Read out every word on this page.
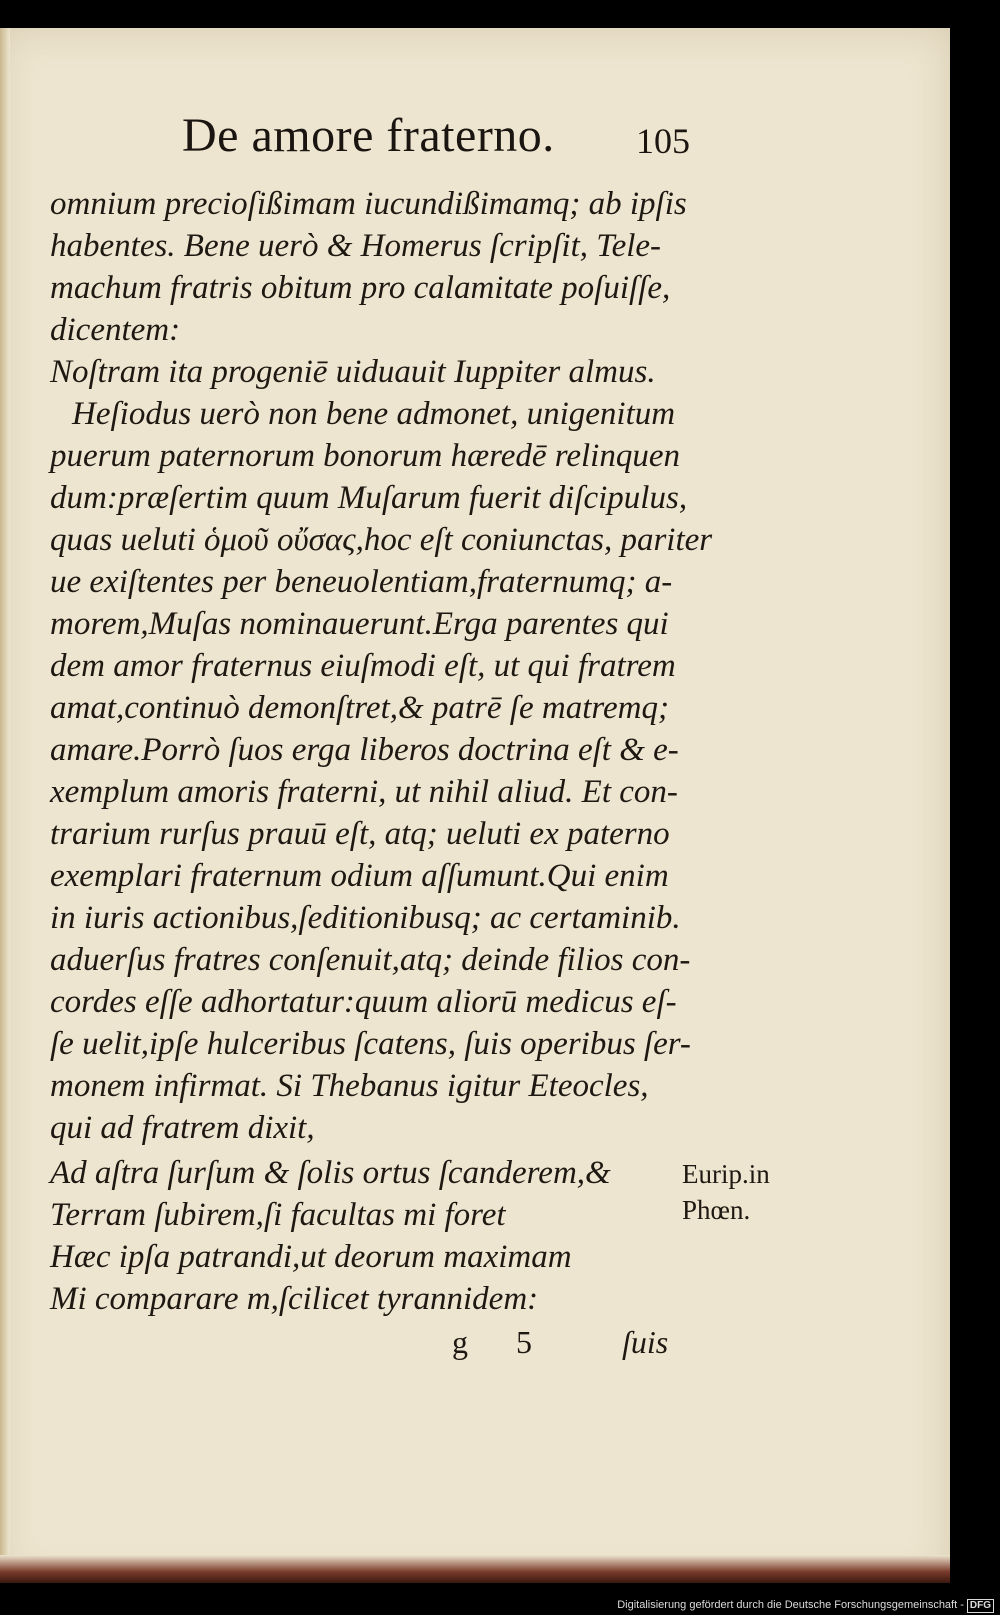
De amore fraterno. 105
omnium precioſißimam iucundißimamq; ab ipſis
habentes. Bene uerò & Homerus ſcripſit, Tele-
machum fratris obitum pro calamitate poſuiſſe,
dicentem:
Noſtram ita progeniē uiduauit Iuppiter almus.
Heſiodus uerò non bene admonet, unigenitum
puerum paternorum bonorum hæredē relinquen
dum:præſertim quum Muſarum fuerit diſcipulus,
quas ueluti ὁμοῦ οὔσας,hoc eſt coniunctas, pariter
ue exiſtentes per beneuolentiam,fraternumq; a-
morem,Muſas nominauerunt.Erga parentes qui
dem amor fraternus eiuſmodi eſt, ut qui fratrem
amat,continuò demonſtret,& patrē ſe matremq;
amare.Porrò ſuos erga liberos doctrina eſt & e-
xemplum amoris fraterni, ut nihil aliud. Et con-
trarium rurſus prauū eſt, atq; ueluti ex paterno
exemplari fraternum odium aſſumunt.Qui enim
in iuris actionibus,ſeditionibusq; ac certaminib.
aduerſus fratres conſenuit,atq; deinde filios con-
cordes eſſe adhortatur:quum aliorū medicus eſ-
ſe uelit,ipſe hulceribus ſcatens, ſuis operibus ſer-
monem infirmat. Si Thebanus igitur Eteocles,
qui ad fratrem dixit,
Ad aſtra ſurſum & ſolis ortus ſcanderem,&
Terram ſubirem,ſi facultas mi foret
Hæc ipſa patrandi,ut deorum maximam
Mi comparare m,ſcilicet tyrannidem:
Eurip.in
Phœn.
g 5	ſuis
Digitalisierung gefördert durch die Deutsche Forschungsgemeinschaft - DFG
